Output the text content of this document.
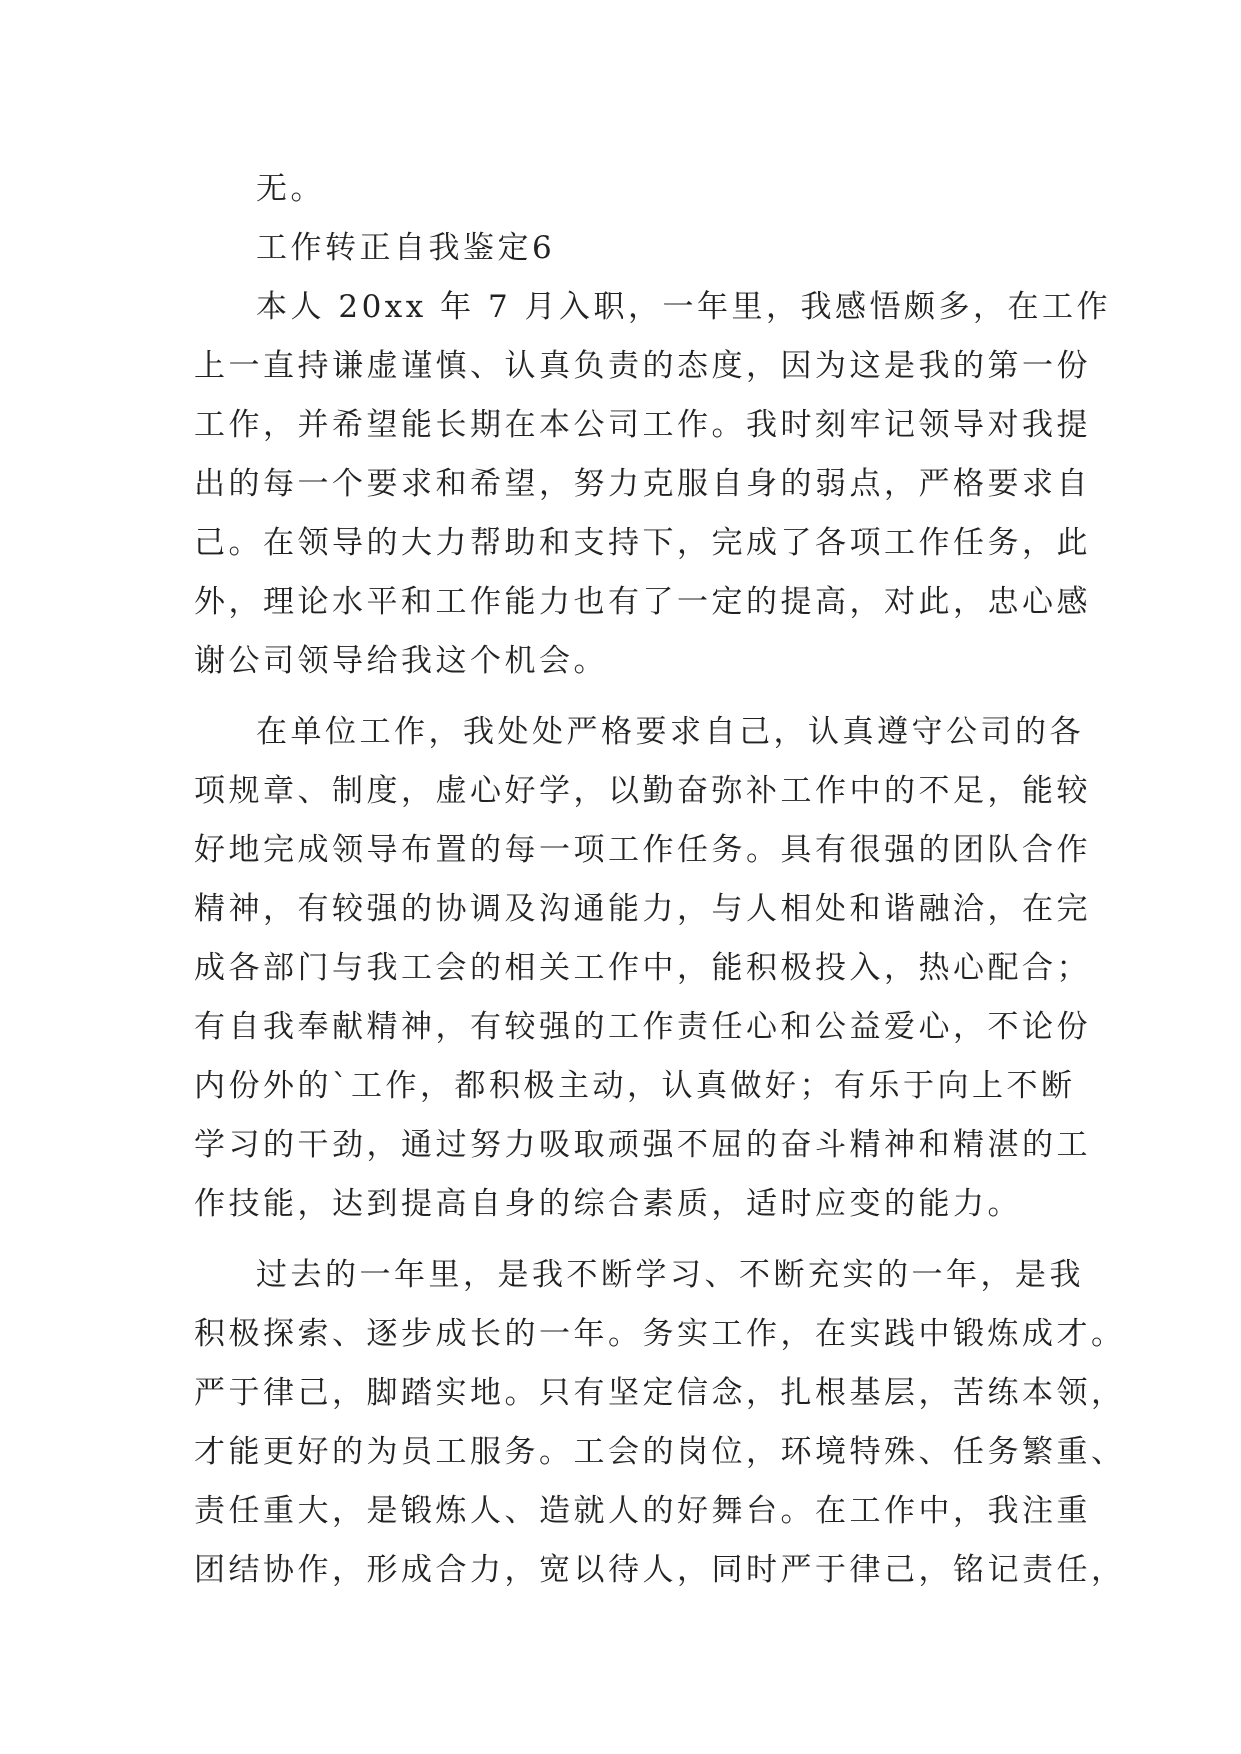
无。
工作转正自我鉴定6
本人 20xx 年 7 月入职，一年里，我感悟颇多，在工作
上一直持谦虚谨慎、认真负责的态度，因为这是我的第一份
工作，并希望能长期在本公司工作。我时刻牢记领导对我提
出的每一个要求和希望，努力克服自身的弱点，严格要求自
己。在领导的大力帮助和支持下，完成了各项工作任务，此
外，理论水平和工作能力也有了一定的提高，对此，忠心感
谢公司领导给我这个机会。
在单位工作，我处处严格要求自己，认真遵守公司的各
项规章、制度，虚心好学，以勤奋弥补工作中的不足，能较
好地完成领导布置的每一项工作任务。具有很强的团队合作
精神，有较强的协调及沟通能力，与人相处和谐融洽，在完
成各部门与我工会的相关工作中，能积极投入，热心配合；
有自我奉献精神，有较强的工作责任心和公益爱心，不论份
内份外的`工作，都积极主动，认真做好；有乐于向上不断
学习的干劲，通过努力吸取顽强不屈的奋斗精神和精湛的工
作技能，达到提高自身的综合素质，适时应变的能力。
过去的一年里，是我不断学习、不断充实的一年，是我
积极探索、逐步成长的一年。务实工作，在实践中锻炼成才。
严于律己，脚踏实地。只有坚定信念，扎根基层，苦练本领，
才能更好的为员工服务。工会的岗位，环境特殊、任务繁重、
责任重大，是锻炼人、造就人的好舞台。在工作中，我注重
团结协作，形成合力，宽以待人，同时严于律己，铭记责任，
